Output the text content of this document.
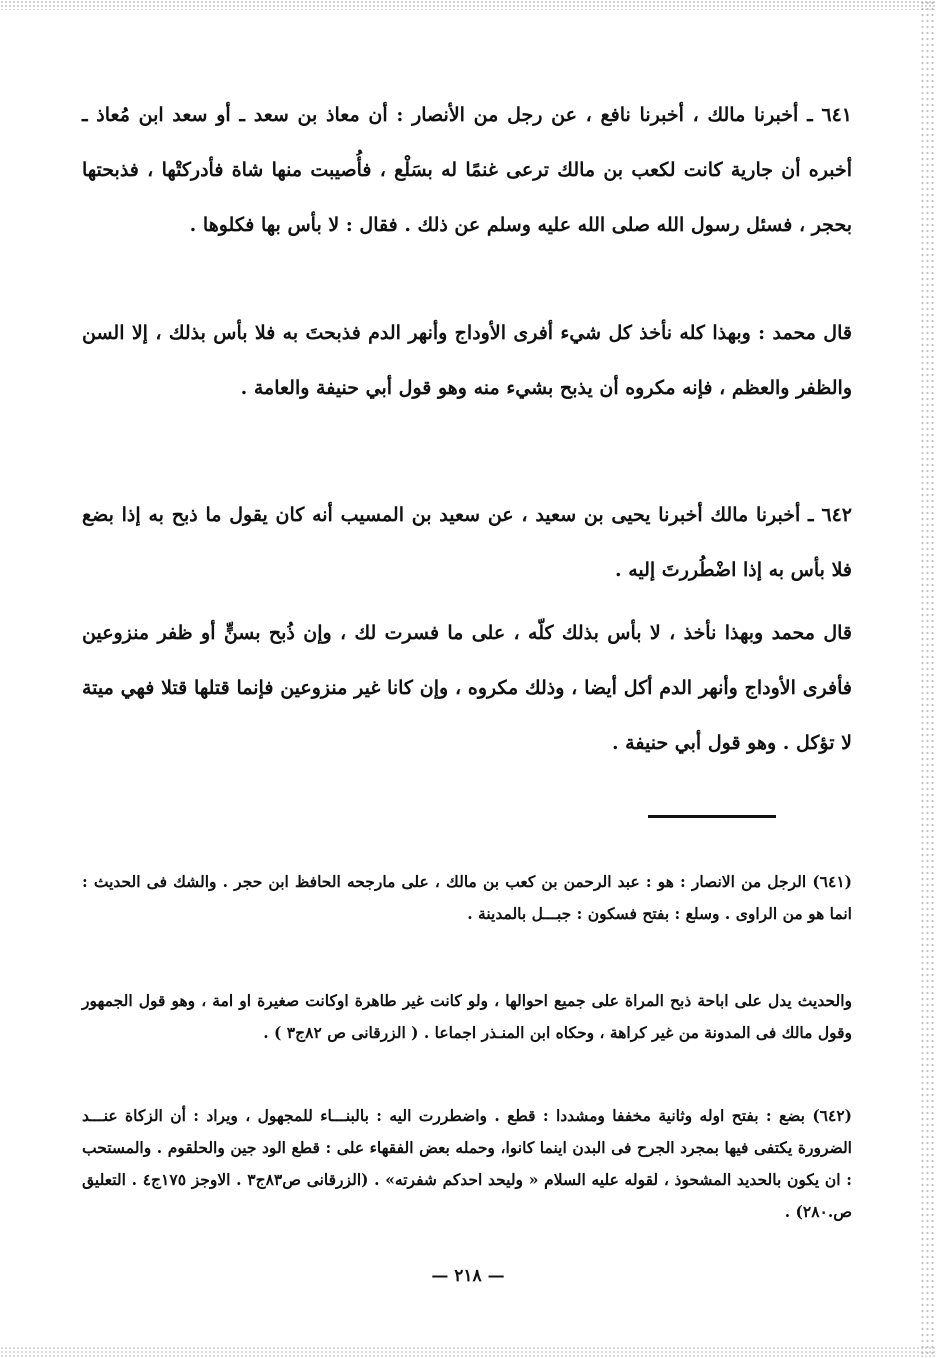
٦٤١ ـ أخبرنا مالك ، أخبرنا نافع ، عن رجل من الأنصار : أن معاذ بن سعد ـ أو سعد ابن مُعاذ ـ أخبره أن جارية كانت لكعب بن مالك ترعى غنمًا له بسَلْع ، فأُصيبت منها شاة فأدركتْها ، فذبحتها بحجر ، فسئل رسول الله صلى الله عليه وسلم عن ذلك . فقال : لا بأس بها فكلوها .
قال محمد : وبهذا كله نأخذ كل شيء أفرى الأوداج وأنهر الدم فذبحتَ به فلا بأس بذلك ، إلا السن والظفر والعظم ، فإنه مكروه أن يذبح بشيء منه وهو قول أبي حنيفة والعامة .
٦٤٢ ـ أخبرنا مالك أخبرنا يحيى بن سعيد ، عن سعيد بن المسيب أنه كان يقول ما ذبح به إذا بضع فلا بأس به إذا اضْطُررتَ إليه .
قال محمد وبهذا نأخذ ، لا بأس بذلك كلّه ، على ما فسرت لك ، وإن ذُبح بسنٍّ أو ظفر منزوعين فأفرى الأوداج وأنهر الدم أكل أيضا ، وذلك مكروه ، وإن كانا غير منزوعين فإنما قتلها قتلا فهي ميتة لا تؤكل . وهو قول أبي حنيفة .
(٦٤١) الرجل من الانصار : هو : عبد الرحمن بن كعب بن مالك ، على مارجحه الحافظ ابن حجر . والشك فى الحديث : انما هو من الراوى . وسلع : بفتح فسكون : جبـــل بالمدينة .
والحديث يدل على اباحة ذبح المراة على جميع احوالها ، ولو كانت غير طاهرة اوكانت صغيرة او امة ، وهو قول الجمهور وقول مالك فى المدونة من غير كراهة ، وحكاه ابن المنـذر اجماعا . ( الزرقانى ص ٨٢ج٣ ) .
(٦٤٢) بضع : بفتح اوله وثانية مخففا ومشددا : قطع . واضطررت اليه : بالبنـــاء للمجهول ، ويراد : أن الزكاة عنـــد الضرورة يكتفى فيها بمجرد الجرح فى البدن اينما كانوا، وحمله بعض الفقهاء على : قطع الود جين والحلقوم . والمستحب : ان يكون بالحديد المشحوذ ، لقوله عليه السلام « وليحد احدكم شفرته» . (الزرقانى ص٨٣ج٣ . الاوجز ١٧٥ج٤ . التعليق ص.٢٨٠) .
— ٢١٨ —
